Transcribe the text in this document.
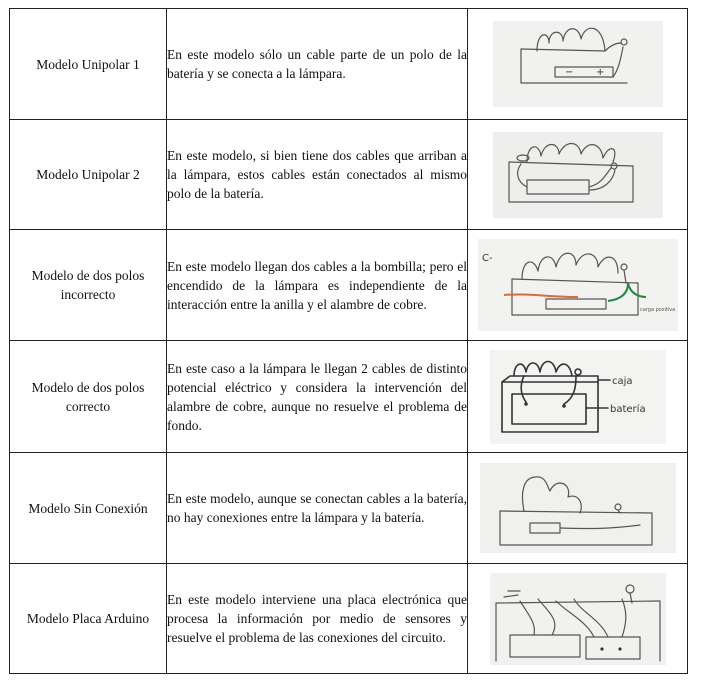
Modelo Unipolar 1	En este modelo sólo un cable parte de un polo de la batería y se conecta a la lámpara.	− +

Modelo Unipolar 2	En este modelo, si bien tiene dos cables que arriban a la lámpara, estos cables están conectados al mismo polo de la batería.	

Modelo de dos polos incorrecto	En este modelo llegan dos cables a la bombilla; pero el encendido de la lámpara es independiente de la interacción entre la anilla y el alambre de cobre.	C-
carga positiva

Modelo de dos polos correcto	En este caso a la lámpara le llegan 2 cables de distinto potencial eléctrico y considera la intervención del alambre de cobre, aunque no resuelve el problema de fondo.	caja
batería

Modelo Sin Conexión	En este modelo, aunque se conectan cables a la batería, no hay conexiones entre la lámpara y la batería.	

Modelo Placa Arduino	En este modelo interviene una placa electrónica que procesa la información por medio de sensores y resuelve el problema de las conexiones del circuito.	
